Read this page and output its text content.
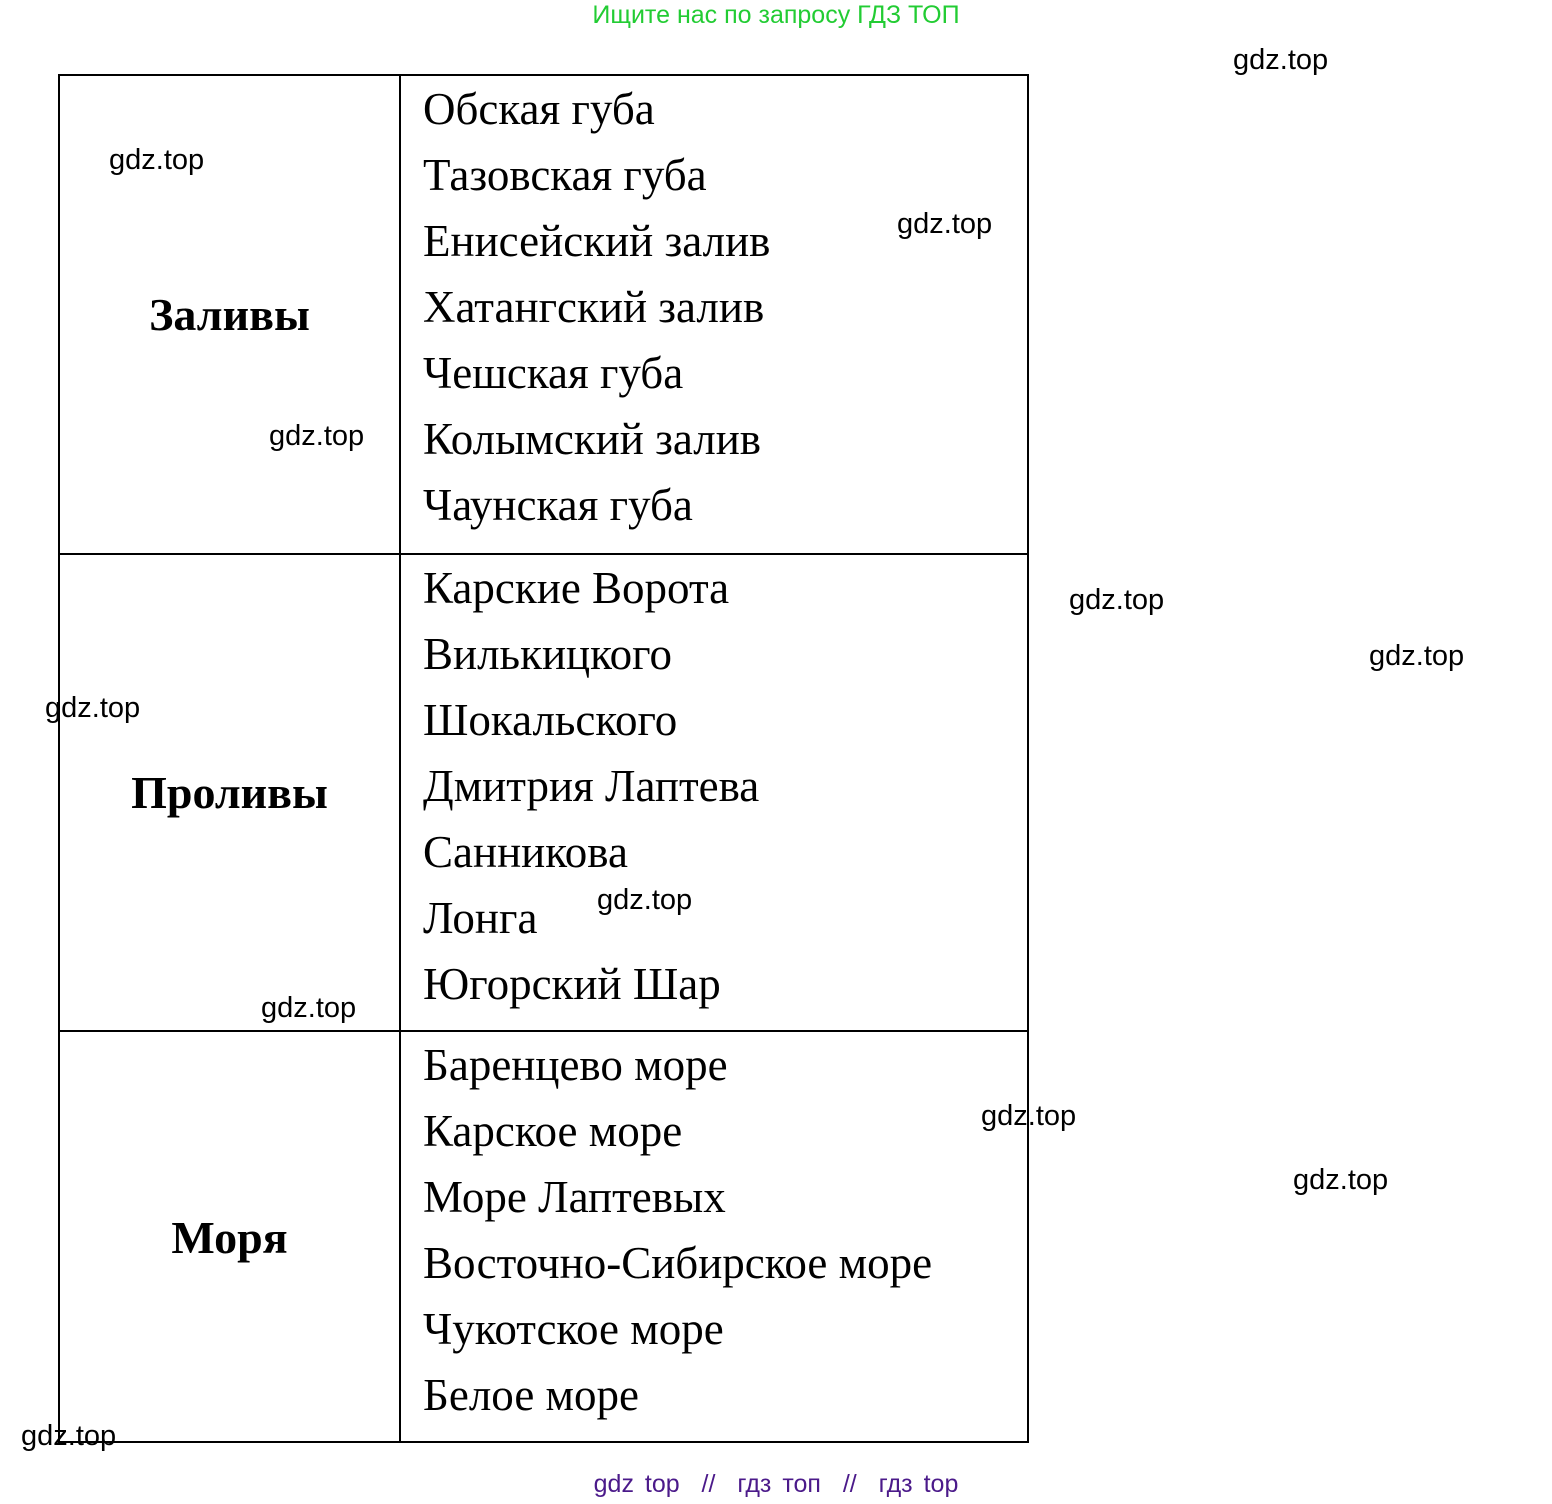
Ищите нас по запросу ГДЗ ТОП
Заливы
Обская губа
Тазовская губа
Енисейский залив
Хатангский залив
Чешская губа
Колымский залив
Чаунская губа
Проливы
Карские Ворота
Вилькицкого
Шокальского
Дмитрия Лаптева
Санникова
Лонга
Югорский Шар
Моря
Баренцево море
Карское море
Море Лаптевых
Восточно-Сибирское море
Чукотское море
Белое море
gdz.top
gdz.top
gdz.top
gdz.top
gdz.top
gdz.top
gdz.top
gdz.top
gdz.top
gdz.top
gdz.top
gdz.top
gdz top  //  гдз топ  //  гдз top
